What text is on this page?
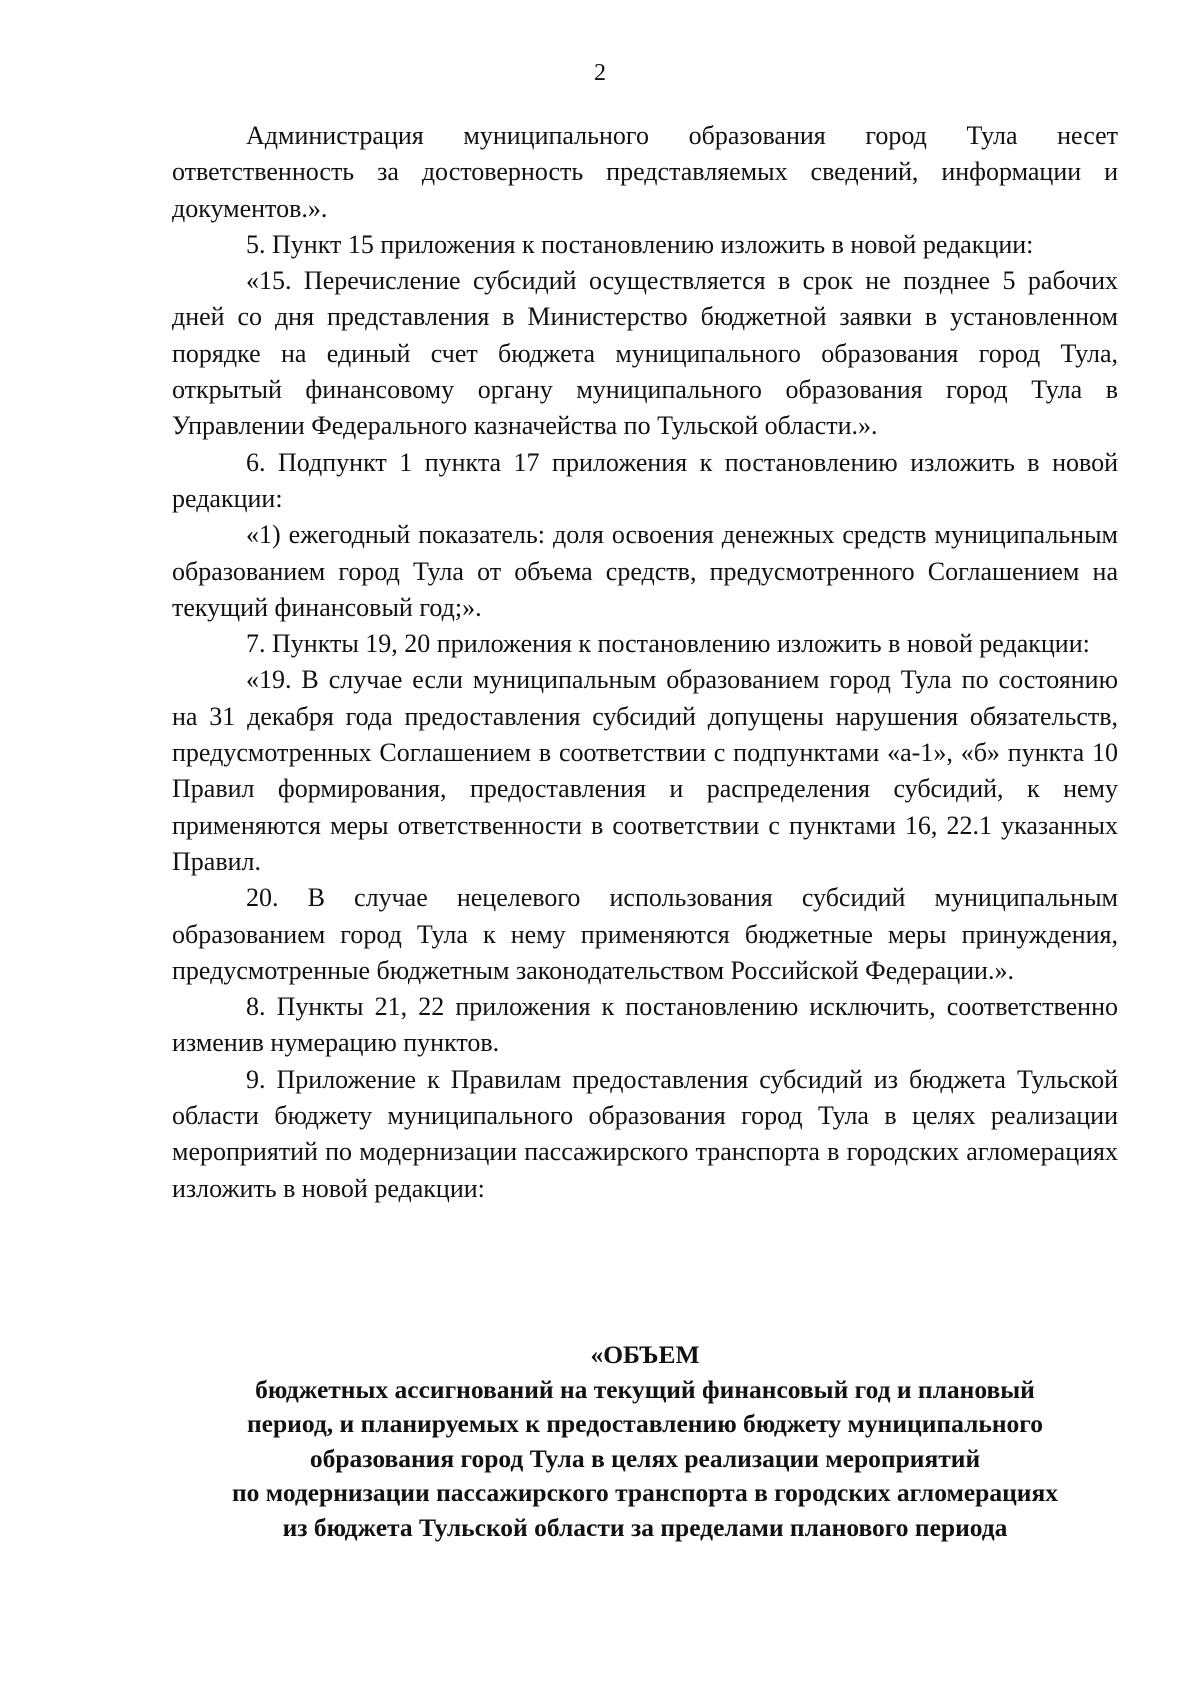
2

Администрация муниципального образования город Тула несет ответственность за достоверность представляемых сведений, информации и документов.».

5. Пункт 15 приложения к постановлению изложить в новой редакции:

«15. Перечисление субсидий осуществляется в срок не позднее 5 рабочих дней со дня представления в Министерство бюджетной заявки в установленном порядке на единый счет бюджета муниципального образования город Тула, открытый финансовому органу муниципального образования город Тула в Управлении Федерального казначейства по Тульской области.».

6. Подпункт 1 пункта 17 приложения к постановлению изложить в новой редакции:

«1) ежегодный показатель: доля освоения денежных средств муниципальным образованием город Тула от объема средств, предусмотренного Соглашением на текущий финансовый год;».

7. Пункты 19, 20 приложения к постановлению изложить в новой редакции:

«19. В случае если муниципальным образованием город Тула по состоянию на 31 декабря года предоставления субсидий допущены нарушения обязательств, предусмотренных Соглашением в соответствии с подпунктами «а-1», «б» пункта 10 Правил формирования, предоставления и распределения субсидий, к нему применяются меры ответственности в соответствии с пунктами 16, 22.1 указанных Правил.

20. В случае нецелевого использования субсидий муниципальным образованием город Тула к нему применяются бюджетные меры принуждения, предусмотренные бюджетным законодательством Российской Федерации.».

8. Пункты 21, 22 приложения к постановлению исключить, соответственно изменив нумерацию пунктов.

9. Приложение к Правилам предоставления субсидий из бюджета Тульской области бюджету муниципального образования город Тула в целях реализации мероприятий по модернизации пассажирского транспорта в городских агломерациях изложить в новой редакции:

«ОБЪЕМ
бюджетных ассигнований на текущий финансовый год и плановый
период, и планируемых к предоставлению бюджету муниципального
образования город Тула в целях реализации мероприятий
по модернизации пассажирского транспорта в городских агломерациях
из бюджета Тульской области за пределами планового периода
